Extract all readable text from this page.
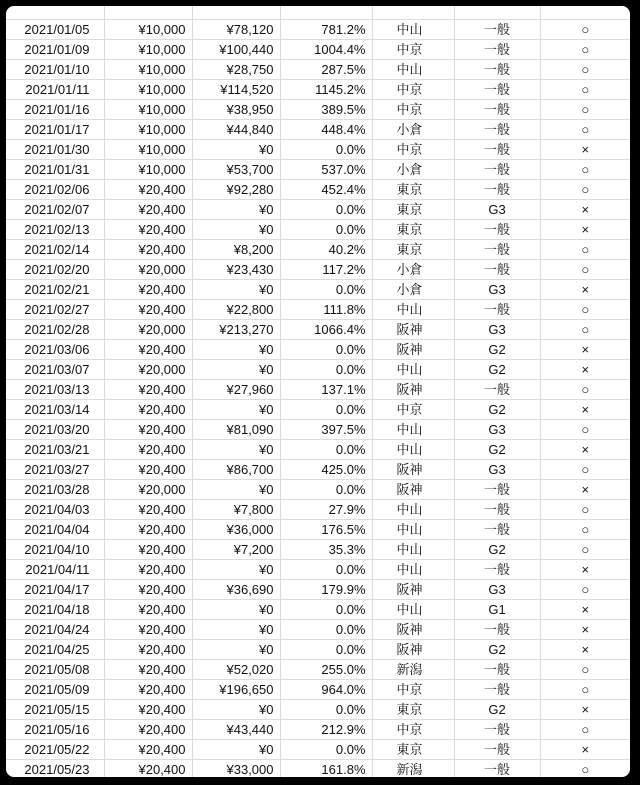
2021/01/05	¥10,000	¥78,120	781.2%	中山	一般	○
2021/01/09	¥10,000	¥100,440	1004.4%	中京	一般	○
2021/01/10	¥10,000	¥28,750	287.5%	中山	一般	○
2021/01/11	¥10,000	¥114,520	1145.2%	中京	一般	○
2021/01/16	¥10,000	¥38,950	389.5%	中京	一般	○
2021/01/17	¥10,000	¥44,840	448.4%	小倉	一般	○
2021/01/30	¥10,000	¥0	0.0%	中京	一般	×
2021/01/31	¥10,000	¥53,700	537.0%	小倉	一般	○
2021/02/06	¥20,400	¥92,280	452.4%	東京	一般	○
2021/02/07	¥20,400	¥0	0.0%	東京	G3	×
2021/02/13	¥20,400	¥0	0.0%	東京	一般	×
2021/02/14	¥20,400	¥8,200	40.2%	東京	一般	○
2021/02/20	¥20,000	¥23,430	117.2%	小倉	一般	○
2021/02/21	¥20,400	¥0	0.0%	小倉	G3	×
2021/02/27	¥20,400	¥22,800	111.8%	中山	一般	○
2021/02/28	¥20,000	¥213,270	1066.4%	阪神	G3	○
2021/03/06	¥20,400	¥0	0.0%	阪神	G2	×
2021/03/07	¥20,000	¥0	0.0%	中山	G2	×
2021/03/13	¥20,400	¥27,960	137.1%	阪神	一般	○
2021/03/14	¥20,400	¥0	0.0%	中京	G2	×
2021/03/20	¥20,400	¥81,090	397.5%	中山	G3	○
2021/03/21	¥20,400	¥0	0.0%	中山	G2	×
2021/03/27	¥20,400	¥86,700	425.0%	阪神	G3	○
2021/03/28	¥20,000	¥0	0.0%	阪神	一般	×
2021/04/03	¥20,400	¥7,800	27.9%	中山	一般	○
2021/04/04	¥20,400	¥36,000	176.5%	中山	一般	○
2021/04/10	¥20,400	¥7,200	35.3%	中山	G2	○
2021/04/11	¥20,400	¥0	0.0%	中山	一般	×
2021/04/17	¥20,400	¥36,690	179.9%	阪神	G3	○
2021/04/18	¥20,400	¥0	0.0%	中山	G1	×
2021/04/24	¥20,400	¥0	0.0%	阪神	一般	×
2021/04/25	¥20,400	¥0	0.0%	阪神	G2	×
2021/05/08	¥20,400	¥52,020	255.0%	新潟	一般	○
2021/05/09	¥20,400	¥196,650	964.0%	中京	一般	○
2021/05/15	¥20,400	¥0	0.0%	東京	G2	×
2021/05/16	¥20,400	¥43,440	212.9%	中京	一般	○
2021/05/22	¥20,400	¥0	0.0%	東京	一般	×
2021/05/23	¥20,400	¥33,000	161.8%	新潟	一般	○
